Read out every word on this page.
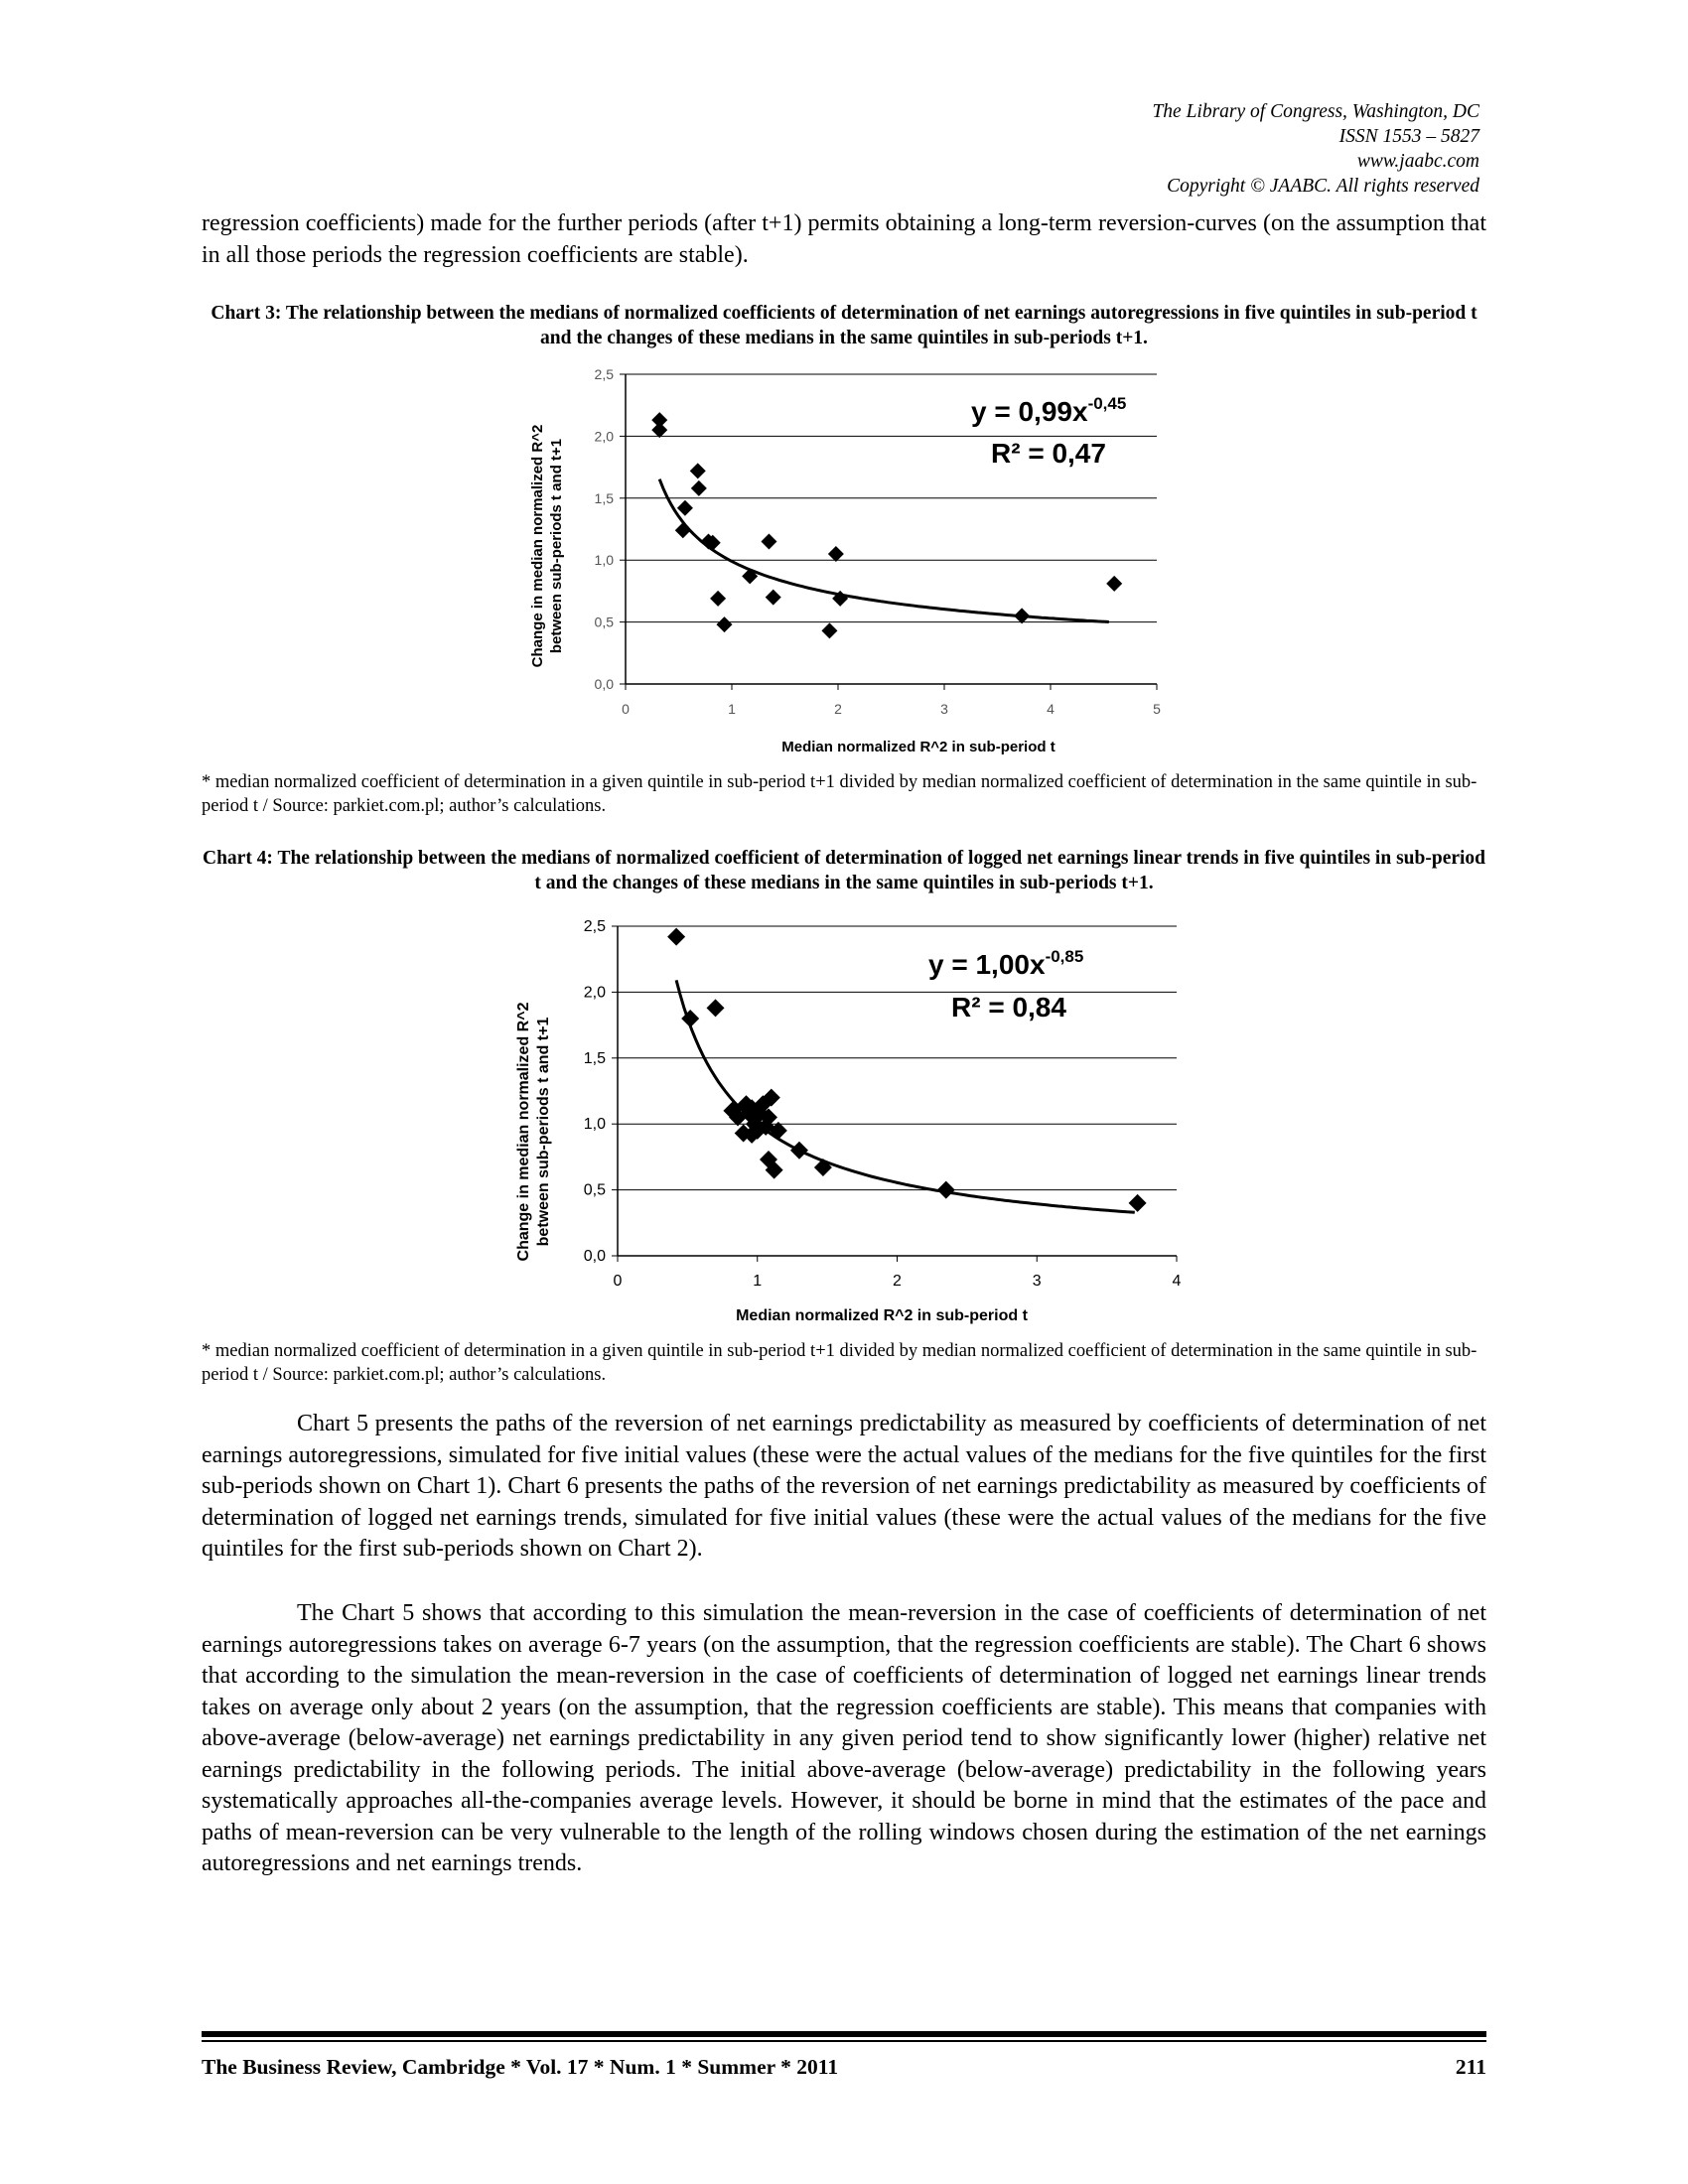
The Library of Congress, Washington, DC
ISSN 1553 – 5827
www.jaabc.com
Copyright © JAABC. All rights reserved

regression coefficients) made for the further periods (after t+1) permits obtaining a long-term reversion-curves (on the assumption that in all those periods the regression coefficients are stable).

Chart 3: The relationship between the medians of normalized coefficients of determination of net earnings autoregressions in five quintiles in sub-period t and the changes of these medians in the same quintiles in sub-periods t+1.

0,0
0,5
1,0
1,5
2,0
2,5
0	1	2	3	4	5
Change in median normalized R^2 between sub-periods t and t+1
Median normalized R^2 in sub-period t
$y = 0,99x^{-0,45}$
R² = 0,47

* median normalized coefficient of determination in a given quintile in sub-period t+1 divided by median normalized coefficient of determination in the same quintile in sub-period t / Source: parkiet.com.pl; author’s calculations.

Chart 4: The relationship between the medians of normalized coefficient of determination of logged net earnings linear trends in five quintiles in sub-period t and the changes of these medians in the same quintiles in sub-periods t+1.

0,0
0,5
1,0
1,5
2,0
2,5
0	1	2	3	4
Change in median normalized R^2 between sub-periods t and t+1
Median normalized R^2 in sub-period t
$y = 1,00x^{-0,85}$
R² = 0,84

* median normalized coefficient of determination in a given quintile in sub-period t+1 divided by median normalized coefficient of determination in the same quintile in sub-period t / Source: parkiet.com.pl; author’s calculations.

Chart 5 presents the paths of the reversion of net earnings predictability as measured by coefficients of determination of net earnings autoregressions, simulated for five initial values (these were the actual values of the medians for the five quintiles for the first sub-periods shown on Chart 1). Chart 6 presents the paths of the reversion of net earnings predictability as measured by coefficients of determination of logged net earnings trends, simulated for five initial values (these were the actual values of the medians for the five quintiles for the first sub-periods shown on Chart 2).

The Chart 5 shows that according to this simulation the mean-reversion in the case of coefficients of determination of net earnings autoregressions takes on average 6-7 years (on the assumption, that the regression coefficients are stable). The Chart 6 shows that according to the simulation the mean-reversion in the case of coefficients of determination of logged net earnings linear trends takes on average only about 2 years (on the assumption, that the regression coefficients are stable). This means that companies with above-average (below-average) net earnings predictability in any given period tend to show significantly lower (higher) relative net earnings predictability in the following periods. The initial above-average (below-average) predictability in the following years systematically approaches all-the-companies average levels. However, it should be borne in mind that the estimates of the pace and paths of mean-reversion can be very vulnerable to the length of the rolling windows chosen during the estimation of the net earnings autoregressions and net earnings trends.

The Business Review, Cambridge * Vol. 17 * Num. 1 * Summer * 2011	211
